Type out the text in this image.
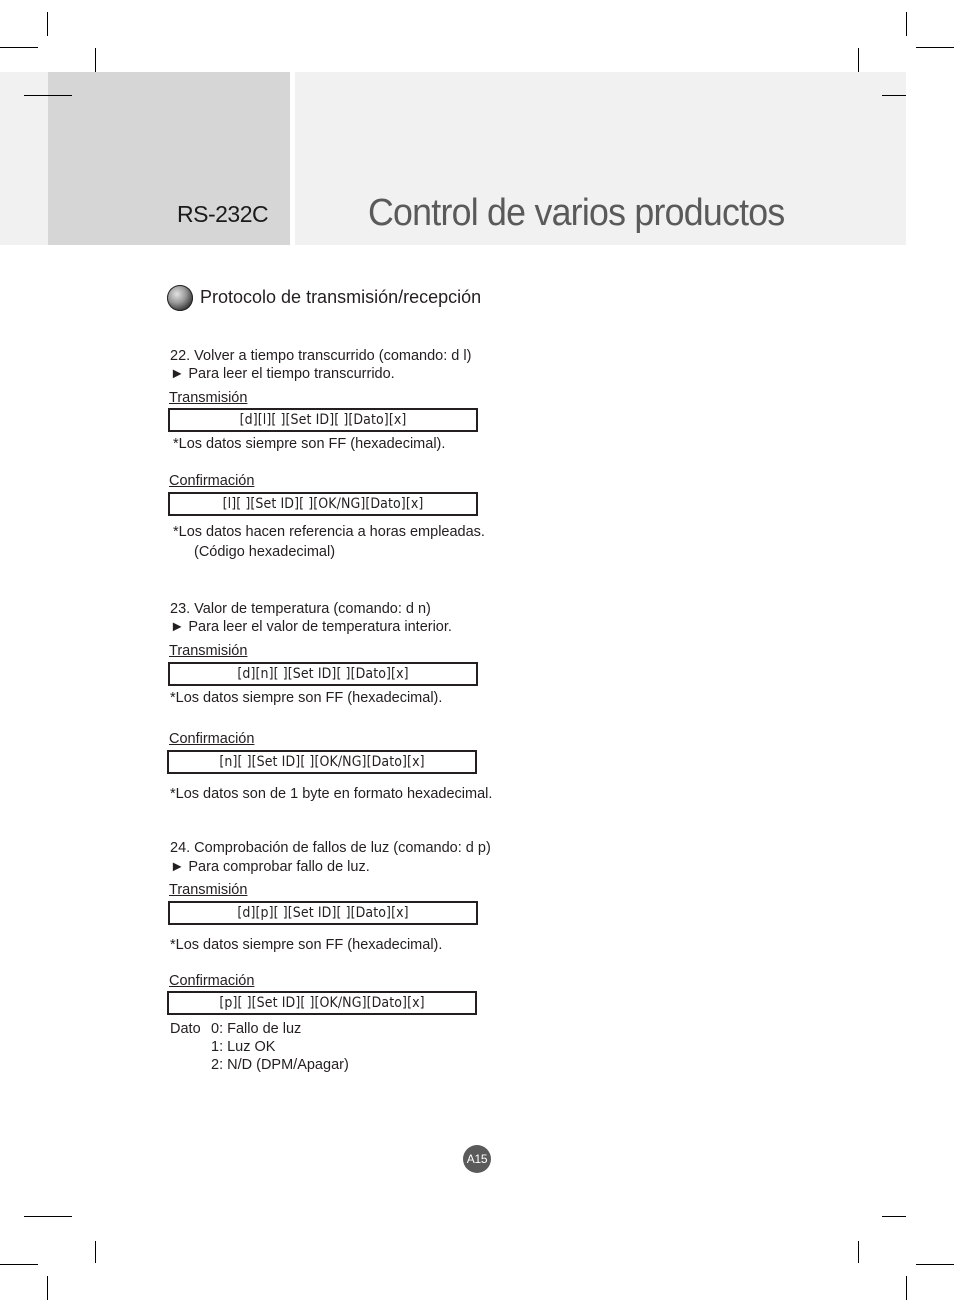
RS-232C	Control de varios productos
Protocolo de transmisión/recepción
22. Volver a tiempo transcurrido (comando: d l)
► Para leer el tiempo transcurrido.
Transmisión
[d][l][ ][Set ID][ ][Dato][x]
*Los datos siempre son FF (hexadecimal).
Confirmación
[l][ ][Set ID][ ][OK/NG][Dato][x]
*Los datos hacen referencia a horas empleadas.
(Código hexadecimal)
23. Valor de temperatura (comando: d n)
► Para leer el valor de temperatura interior.
Transmisión
[d][n][ ][Set ID][ ][Dato][x]
*Los datos siempre son FF (hexadecimal).
Confirmación
[n][ ][Set ID][ ][OK/NG][Dato][x]
*Los datos son de 1 byte en formato hexadecimal.
24. Comprobación de fallos de luz (comando: d p)
► Para comprobar fallo de luz.
Transmisión
[d][p][ ][Set ID][ ][Dato][x]
*Los datos siempre son FF (hexadecimal).
Confirmación
[p][ ][Set ID][ ][OK/NG][Dato][x]
Dato 0: Fallo de luz
1: Luz OK
2: N/D (DPM/Apagar)
A15
